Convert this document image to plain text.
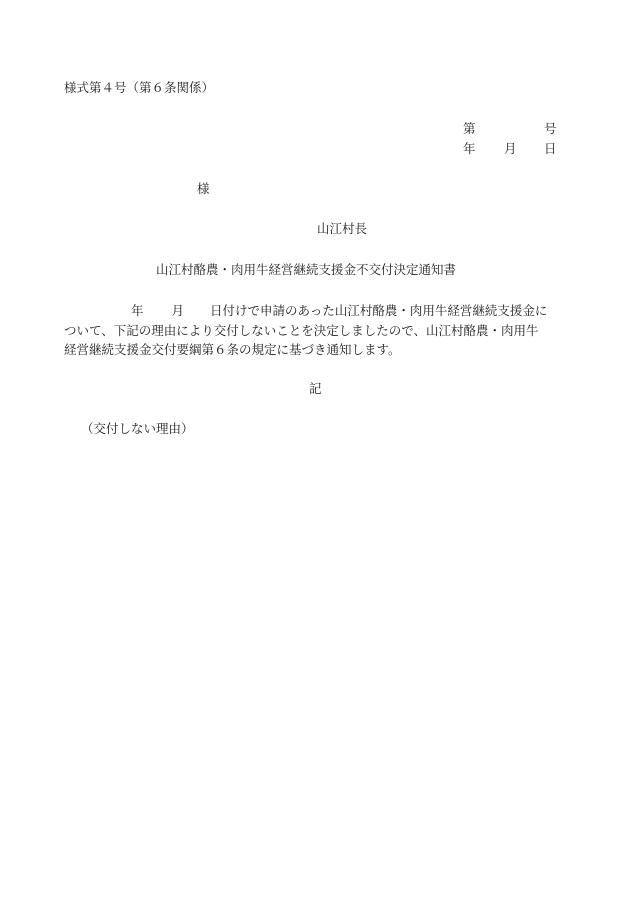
様式第４号（第６条関係）
第	号
年 月 日
様
山江村長
山江村酪農・肉用牛経営継続支援金不交付決定通知書
年 月 日付けで申請のあった山江村酪農・肉用牛経営継続支援金に
ついて、下記の理由により交付しないことを決定しましたので、山江村酪農・肉用牛
経営継続支援金交付要綱第６条の規定に基づき通知します。
記
（交付しない理由）
